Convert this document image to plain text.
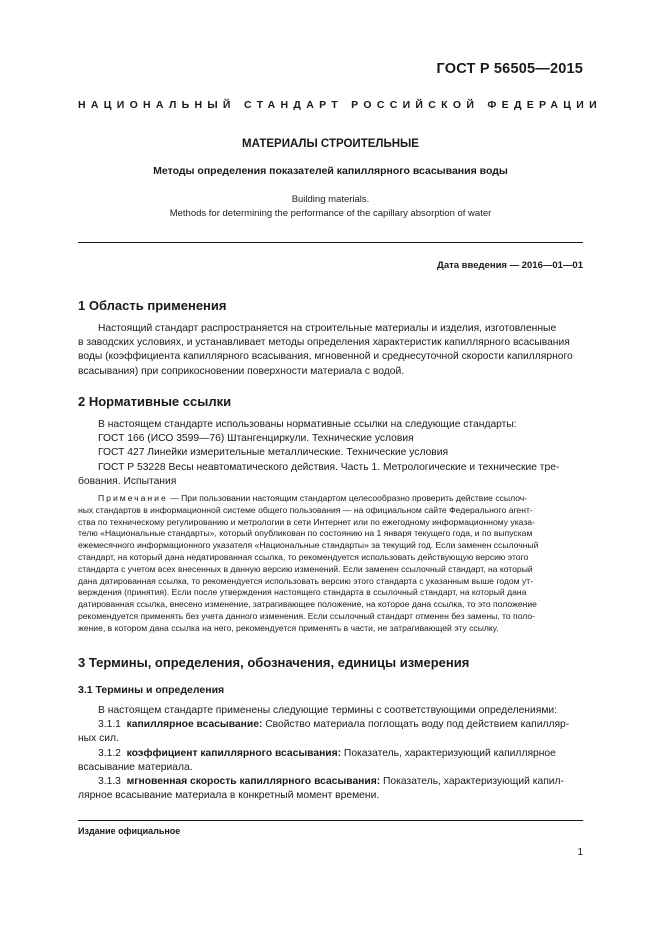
ГОСТ Р 56505—2015
НАЦИОНАЛЬНЫЙ СТАНДАРТ РОССИЙСКОЙ ФЕДЕРАЦИИ
МАТЕРИАЛЫ СТРОИТЕЛЬНЫЕ
Методы определения показателей капиллярного всасывания воды
Building materials.
Methods for determining the performance of the capillary absorption of water
Дата введения — 2016—01—01
1 Область применения
Настоящий стандарт распространяется на строительные материалы и изделия, изготовленные
в заводских условиях, и устанавливает методы определения характеристик капиллярного всасывания
воды (коэффициента капиллярного всасывания, мгновенной и среднесуточной скорости капиллярного
всасывания) при соприкосновении поверхности материала с водой.
2 Нормативные ссылки
В настоящем стандарте использованы нормативные ссылки на следующие стандарты:
ГОСТ 166 (ИСО 3599—76) Штангенциркули. Технические условия
ГОСТ 427 Линейки измерительные металлические. Технические условия
ГОСТ Р 53228 Весы неавтоматического действия. Часть 1. Метрологические и технические тре-
бования. Испытания
Примечание — При пользовании настоящим стандартом целесообразно проверить действие ссылоч-
ных стандартов в информационной системе общего пользования — на официальном сайте Федерального агент-
ства по техническому регулированию и метрологии в сети Интернет или по ежегодному информационному указа-
телю «Национальные стандарты», который опубликован по состоянию на 1 января текущего года, и по выпускам
ежемесячного информационного указателя «Национальные стандарты» за текущий год. Если заменен ссылочный
стандарт, на который дана недатированная ссылка, то рекомендуется использовать действующую версию этого
стандарта с учетом всех внесенных в данную версию изменений. Если заменен ссылочный стандарт, на который
дана датированная ссылка, то рекомендуется использовать версию этого стандарта с указанным выше годом ут-
верждения (принятия). Если после утверждения настоящего стандарта в ссылочный стандарт, на который дана
датированная ссылка, внесено изменение, затрагивающее положение, на которое дана ссылка, то это положение
рекомендуется применять без учета данного изменения. Если ссылочный стандарт отменен без замены, то поло-
жение, в котором дана ссылка на него, рекомендуется применять в части, не затрагивающей эту ссылку.
3 Термины, определения, обозначения, единицы измерения
3.1 Термины и определения
В настоящем стандарте применены следующие термины с соответствующими определениями:
3.1.1 капиллярное всасывание: Свойство материала поглощать воду под действием капилляр-
ных сил.
3.1.2 коэффициент капиллярного всасывания: Показатель, характеризующий капиллярное
всасывание материала.
3.1.3 мгновенная скорость капиллярного всасывания: Показатель, характеризующий капил-
лярное всасывание материала в конкретный момент времени.
Издание официальное
1
